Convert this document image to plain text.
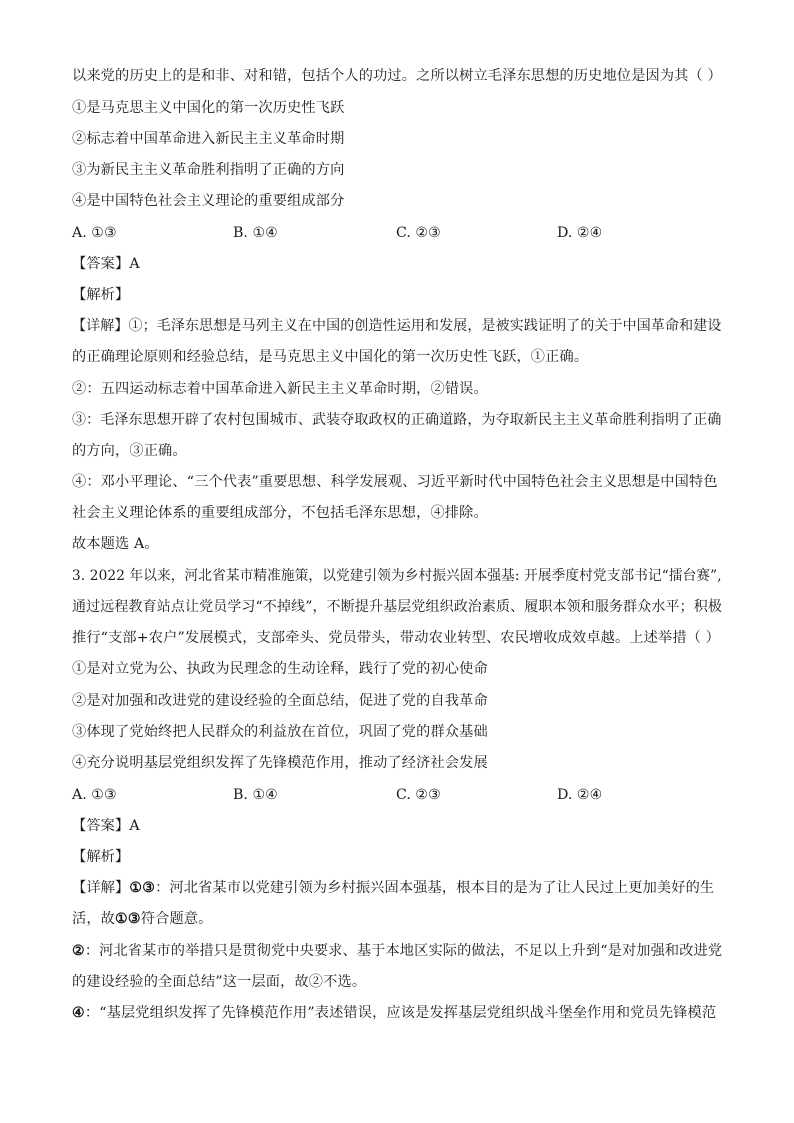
以来党的历史上的是和非、对和错，包括个人的功过。之所以树立毛泽东思想的历史地位是因为其（ ）
①是马克思主义中国化的第一次历史性飞跃
②标志着中国革命进入新民主主义革命时期
③为新民主主义革命胜利指明了正确的方向
④是中国特色社会主义理论的重要组成部分
A. ①③	B. ①④	C. ②③	D. ②④
【答案】A
【解析】
【详解】①；毛泽东思想是马列主义在中国的创造性运用和发展，是被实践证明了的关于中国革命和建设
的正确理论原则和经验总结，是马克思主义中国化的第一次历史性飞跃，①正确。
②：五四运动标志着中国革命进入新民主主义革命时期，②错误。
③：毛泽东思想开辟了农村包围城市、武装夺取政权的正确道路，为夺取新民主主义革命胜利指明了正确
的方向，③正确。
④：邓小平理论、“三个代表”重要思想、科学发展观、习近平新时代中国特色社会主义思想是中国特色
社会主义理论体系的重要组成部分，不包括毛泽东思想，④排除。
故本题选 A。
3. 2022 年以来，河北省某市精准施策，以党建引领为乡村振兴固本强基: 开展季度村党支部书记“擂台赛”,
通过远程教育站点让党员学习“不掉线”，不断提升基层党组织政治素质、履职本领和服务群众水平；积极
推行“支部+农户”发展模式，支部牵头、党员带头，带动农业转型、农民增收成效卓越。上述举措（ ）
①是对立党为公、执政为民理念的生动诠释，践行了党的初心使命
②是对加强和改进党的建设经验的全面总结，促进了党的自我革命
③体现了党始终把人民群众的利益放在首位，巩固了党的群众基础
④充分说明基层党组织发挥了先锋模范作用，推动了经济社会发展
A. ①③	B. ①④	C. ②③	D. ②④
【答案】A
【解析】
【详解】①③：河北省某市以党建引领为乡村振兴固本强基，根本目的是为了让人民过上更加美好的生
活，故①③符合题意。
②：河北省某市的举措只是贯彻党中央要求、基于本地区实际的做法，不足以上升到“是对加强和改进党
的建设经验的全面总结”这一层面，故②不选。
④：“基层党组织发挥了先锋模范作用”表述错误，应该是发挥基层党组织战斗堡垒作用和党员先锋模范
